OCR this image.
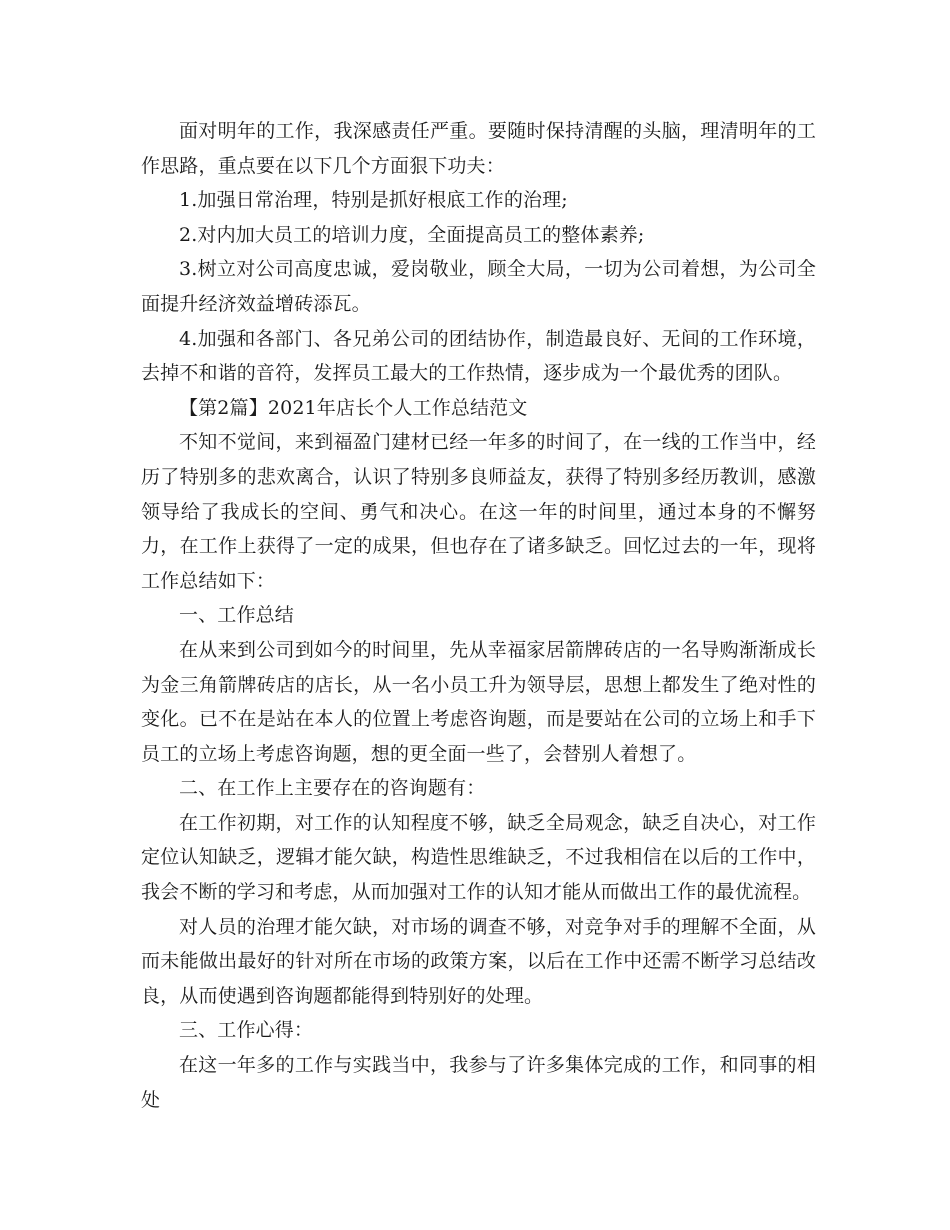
面对明年的工作，我深感责任严重。要随时保持清醒的头脑，理清明年的工作思路，重点要在以下几个方面狠下功夫：

1.加强日常治理，特别是抓好根底工作的治理;

2.对内加大员工的培训力度，全面提高员工的整体素养;

3.树立对公司高度忠诚，爱岗敬业，顾全大局，一切为公司着想，为公司全面提升经济效益增砖添瓦。

4.加强和各部门、各兄弟公司的团结协作，制造最良好、无间的工作环境，去掉不和谐的音符，发挥员工最大的工作热情，逐步成为一个最优秀的团队。

【第2篇】2021年店长个人工作总结范文

不知不觉间，来到福盈门建材已经一年多的时间了，在一线的工作当中，经历了特别多的悲欢离合，认识了特别多良师益友，获得了特别多经历教训，感激领导给了我成长的空间、勇气和决心。在这一年的时间里，通过本身的不懈努力，在工作上获得了一定的成果，但也存在了诸多缺乏。回忆过去的一年，现将工作总结如下：

一、工作总结

在从来到公司到如今的时间里，先从幸福家居箭牌砖店的一名导购渐渐成长为金三角箭牌砖店的店长，从一名小员工升为领导层，思想上都发生了绝对性的变化。已不在是站在本人的位置上考虑咨询题，而是要站在公司的立场上和手下员工的立场上考虑咨询题，想的更全面一些了，会替别人着想了。

二、在工作上主要存在的咨询题有：

在工作初期，对工作的认知程度不够，缺乏全局观念，缺乏自决心，对工作定位认知缺乏，逻辑才能欠缺，构造性思维缺乏，不过我相信在以后的工作中，我会不断的学习和考虑，从而加强对工作的认知才能从而做出工作的最优流程。

对人员的治理才能欠缺，对市场的调查不够，对竞争对手的理解不全面，从而未能做出最好的针对所在市场的政策方案，以后在工作中还需不断学习总结改良，从而使遇到咨询题都能得到特别好的处理。

三、工作心得：

在这一年多的工作与实践当中，我参与了许多集体完成的工作，和同事的相处
